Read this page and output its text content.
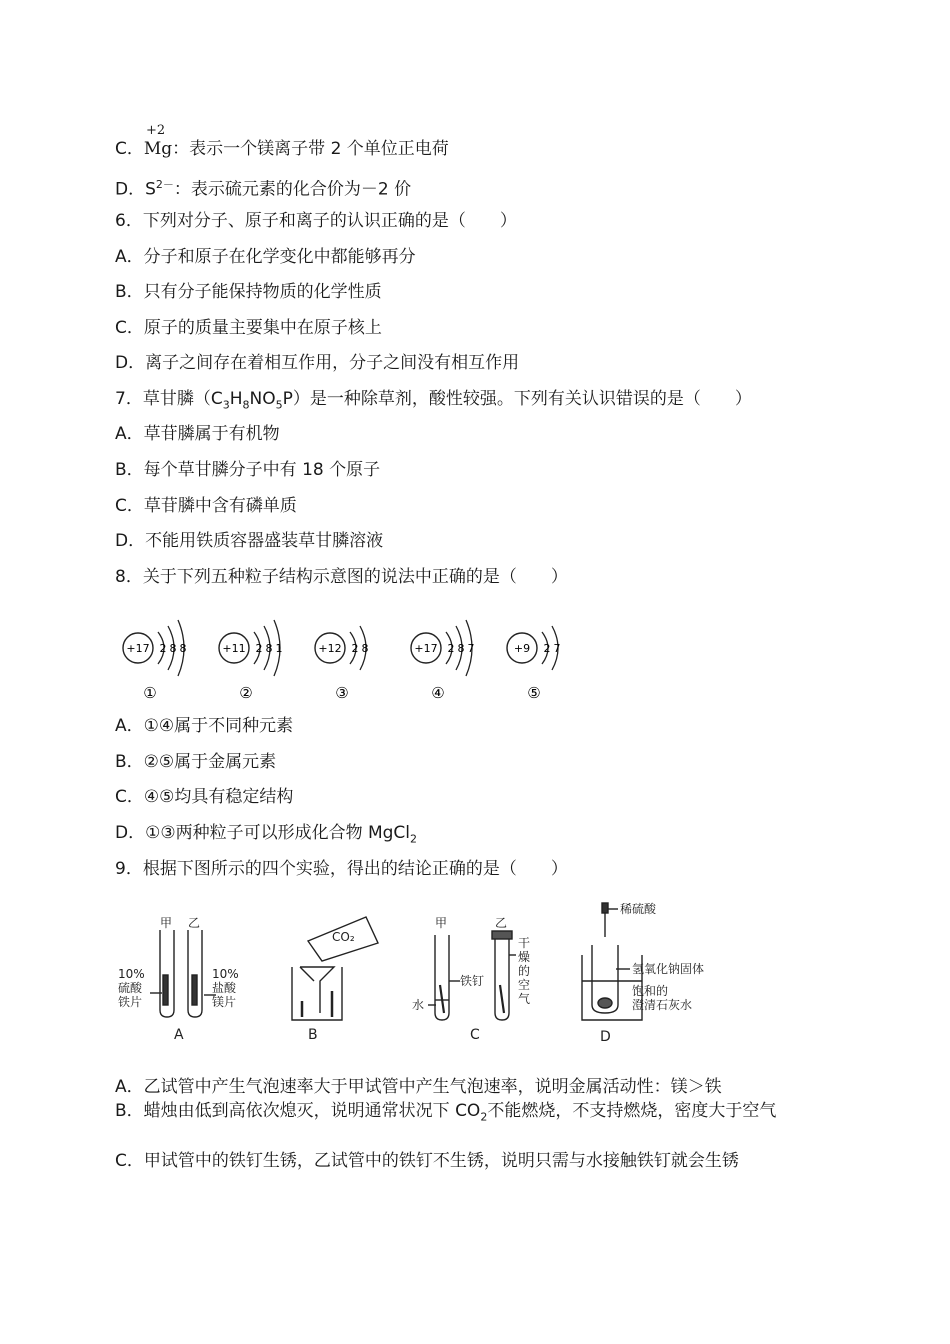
+2
C．Mg：表示一个镁离子带 2 个单位正电荷
D．$S^{2-}$：表示硫元素的化合价为－2 价
6．下列对分子、原子和离子的认识正确的是（　　）
A．分子和原子在化学变化中都能够再分
B．只有分子能保持物质的化学性质
C．原子的质量主要集中在原子核上
D．离子之间存在着相互作用，分子之间没有相互作用
7．草甘膦$(C_3H_8NO_5P)$是一种除草剂，酸性较强。下列有关认识错误的是（　　）
A．草苷膦属于有机物
B．每个草甘膦分子中有 18 个原子
C．草苷膦中含有磷单质
D．不能用铁质容器盛装草甘膦溶液
8．关于下列五种粒子结构示意图的说法中正确的是（　　）
+17 2 8 8
①
+11 2 8 1
②
+12 2 8
③
+17 2 8 7
④
+9 2 7
⑤
A．①④属于不同种元素
B．②⑤属于金属元素
C．④⑤均具有稳定结构
D．①③两种粒子可以形成化合物 MgCl$_2$
9．根据下图所示的四个实验，得出的结论正确的是（　　）
甲 乙
10%
硫酸
铁片
10%
盐酸
镁片
A
CO₂
B
甲	乙
水
铁钉
干
燥
的
空
气
C
稀硫酸
氢氧化钠固体
饱和的
澄清石灰水
D
A．乙试管中产生气泡速率大于甲试管中产生气泡速率，说明金属活动性：镁＞铁
B．蜡烛由低到高依次熄灭，说明通常状况下 $CO_2$不能燃烧，不支持燃烧，密度大于空气
C．甲试管中的铁钉生锈，乙试管中的铁钉不生锈，说明只需与水接触铁钉就会生锈
